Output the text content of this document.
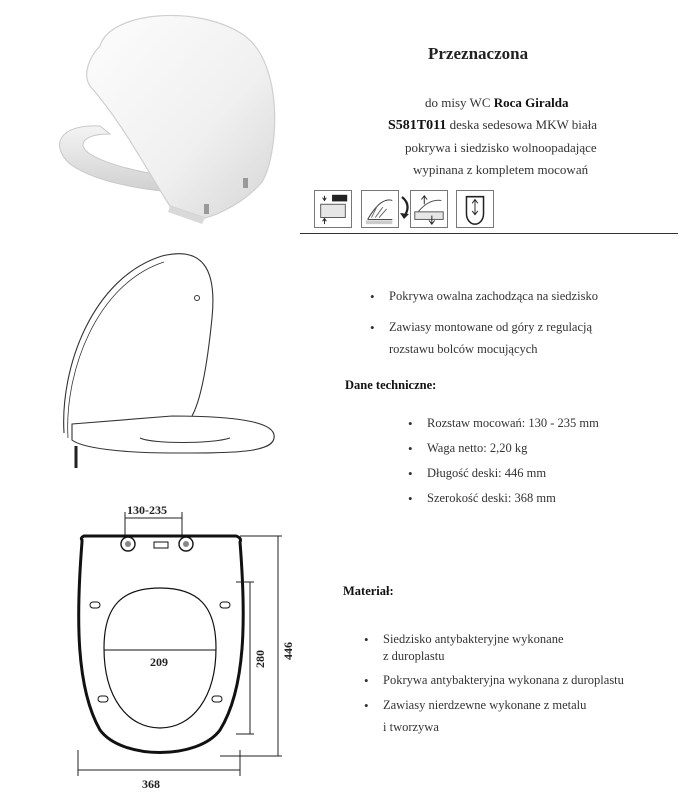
Przeznaczona
do misy WC Roca Giralda
S581T011 deska sedesowa MKW biała
pokrywa i siedzisko wolnoopadające
wypinana z kompletem mocowań
• Pokrywa owalna zachodząca na siedzisko
• Zawiasy montowane od góry z regulacją
rozstawu bolców mocujących
Dane techniczne:
• Rozstaw mocowań: 130 - 235 mm
• Waga netto: 2,20 kg
• Długość deski: 446 mm
• Szerokość deski: 368 mm
130-235
209	280 446
368
Materiał:
• Siedzisko antybakteryjne wykonane
z duroplastu
• Pokrywa antybakteryjna wykonana z duroplastu
• Zawiasy nierdzewne wykonane z metalu
i tworzywa
